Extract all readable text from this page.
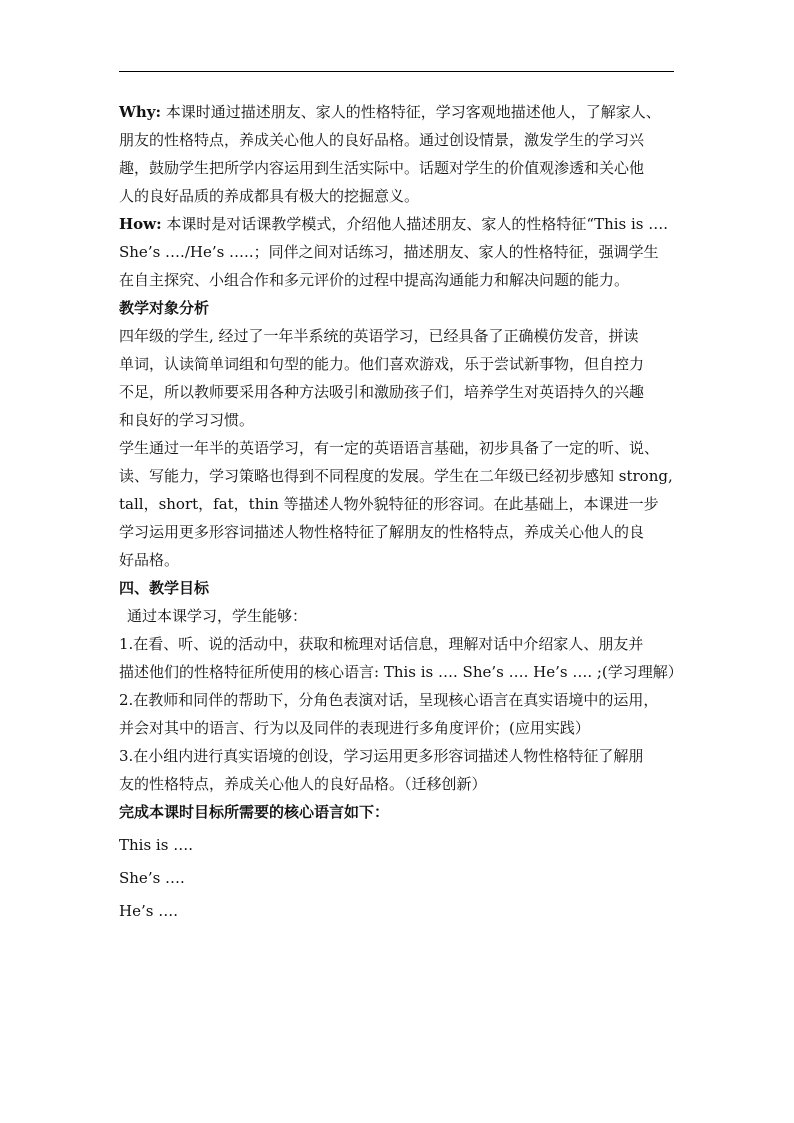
Why: 本课时通过描述朋友、家人的性格特征，学习客观地描述他人，了解家人、
朋友的性格特点，养成关心他人的良好品格。通过创设情景，激发学生的学习兴
趣，鼓励学生把所学内容运用到生活实际中。话题对学生的价值观渗透和关心他
人的良好品质的养成都具有极大的挖掘意义。
How: 本课时是对话课教学模式，介绍他人描述朋友、家人的性格特征“This is ….
She’s …./He’s …..；同伴之间对话练习，描述朋友、家人的性格特征，强调学生
在自主探究、小组合作和多元评价的过程中提高沟通能力和解决问题的能力。
教学对象分析
四年级的学生, 经过了一年半系统的英语学习，已经具备了正确模仿发音，拼读
单词，认读简单词组和句型的能力。他们喜欢游戏，乐于尝试新事物，但自控力
不足，所以教师要采用各种方法吸引和激励孩子们，培养学生对英语持久的兴趣
和良好的学习习惯。
学生通过一年半的英语学习，有一定的英语语言基础，初步具备了一定的听、说、
读、写能力，学习策略也得到不同程度的发展。学生在二年级已经初步感知 strong,
tall，short，fat，thin 等描述人物外貌特征的形容词。在此基础上，本课进一步
学习运用更多形容词描述人物性格特征了解朋友的性格特点，养成关心他人的良
好品格。
四、教学目标
通过本课学习，学生能够：
1.在看、听、说的活动中，获取和梳理对话信息，理解对话中介绍家人、朋友并
描述他们的性格特征所使用的核心语言: This is …. She’s …. He’s …. ;(学习理解）
2.在教师和同伴的帮助下，分角色表演对话，呈现核心语言在真实语境中的运用，
并会对其中的语言、行为以及同伴的表现进行多角度评价；(应用实践）
3.在小组内进行真实语境的创设，学习运用更多形容词描述人物性格特征了解朋
友的性格特点，养成关心他人的良好品格。（迁移创新）
完成本课时目标所需要的核心语言如下：
This is ….
She’s ….
He’s ….
